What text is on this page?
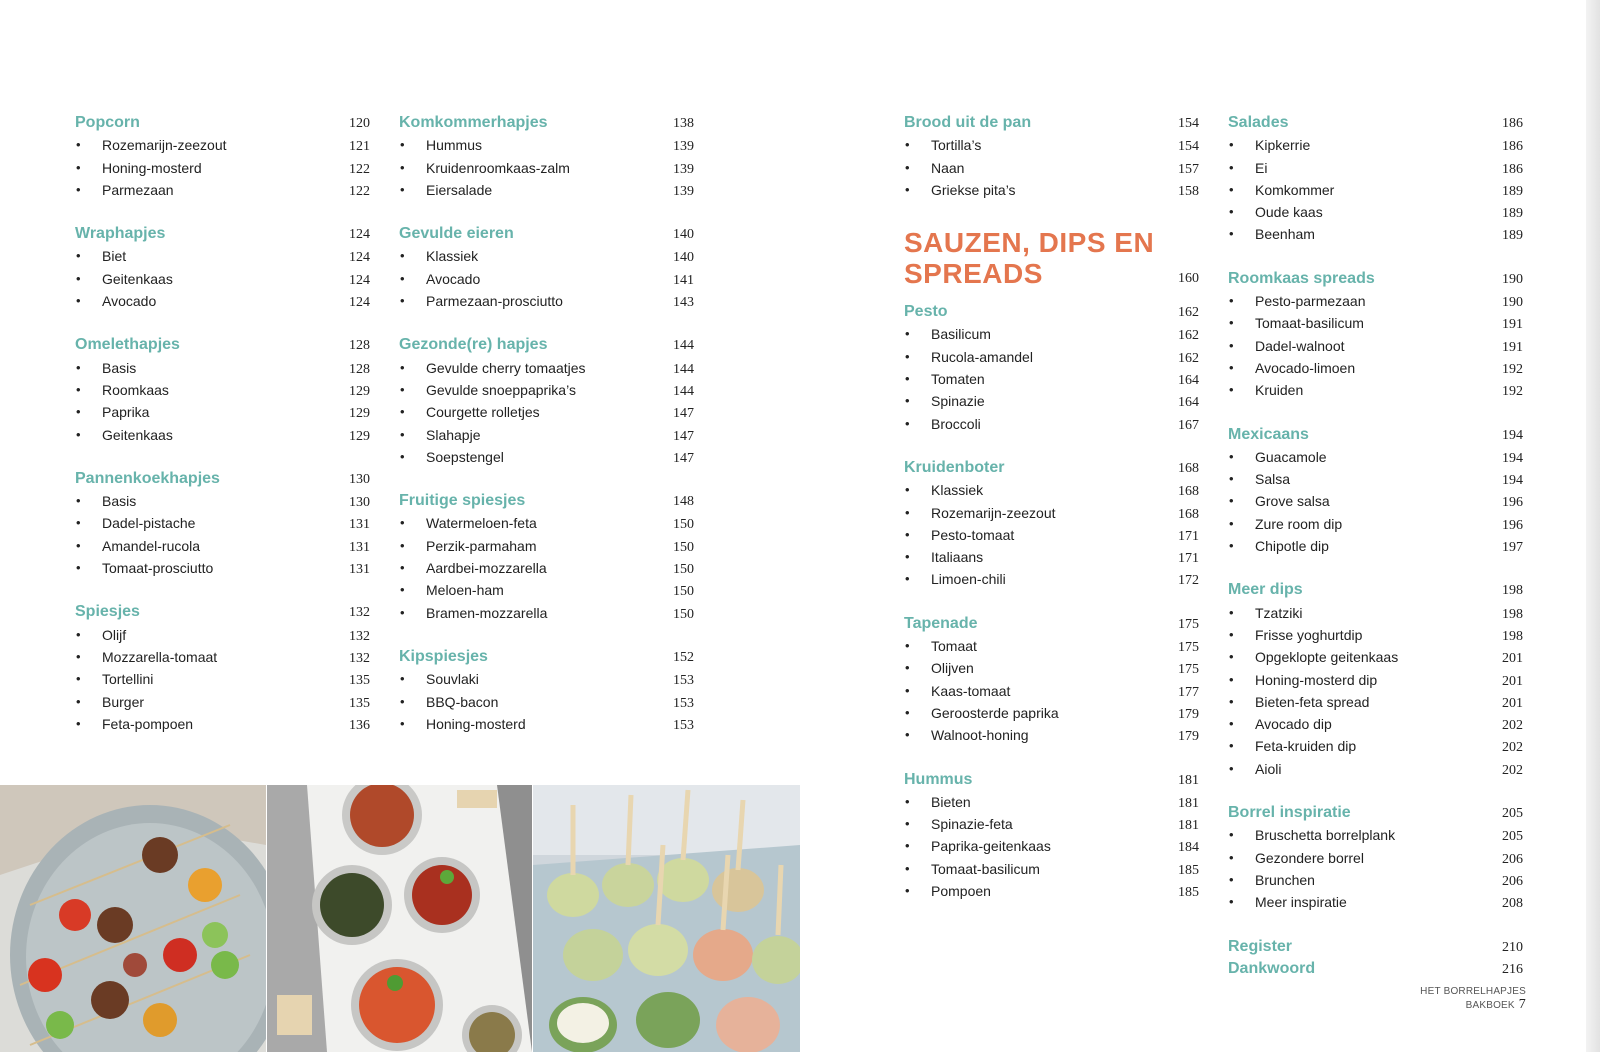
Popcorn	120
• Rozemarijn-zeezout	121
• Honing-mosterd	122
• Parmezaan	122
Wraphapjes	124
• Biet	124
• Geitenkaas	124
• Avocado	124
Omelethapjes	128
• Basis	128
• Roomkaas	129
• Paprika	129
• Geitenkaas	129
Pannenkoekhapjes	130
• Basis	130
• Dadel-pistache	131
• Amandel-rucola	131
• Tomaat-prosciutto	131
Spiesjes	132
• Olijf	132
• Mozzarella-tomaat	132
• Tortellini	135
• Burger	135
• Feta-pompoen	136
Komkommerhapjes	138
• Hummus	139
• Kruidenroomkaas-zalm	139
• Eiersalade	139
Gevulde eieren	140
• Klassiek	140
• Avocado	141
• Parmezaan-prosciutto	143
Gezonde(re) hapjes	144
• Gevulde cherry tomaatjes	144
• Gevulde snoeppaprika’s	144
• Courgette rolletjes	147
• Slahapje	147
• Soepstengel	147
Fruitige spiesjes	148
• Watermeloen-feta	150
• Perzik-parmaham	150
• Aardbei-mozzarella	150
• Meloen-ham	150
• Bramen-mozzarella	150
Kipspiesjes	152
• Souvlaki	153
• BBQ-bacon	153
• Honing-mosterd	153
Brood uit de pan	154
• Tortilla’s	154
• Naan	157
• Griekse pita’s	158
SAUZEN, DIPS EN
SPREADS	160
Pesto	162
• Basilicum	162
• Rucola-amandel	162
• Tomaten	164
• Spinazie	164
• Broccoli	167
Kruidenboter	168
• Klassiek	168
• Rozemarijn-zeezout	168
• Pesto-tomaat	171
• Italiaans	171
• Limoen-chili	172
Tapenade	175
• Tomaat	175
• Olijven	175
• Kaas-tomaat	177
• Geroosterde paprika	179
• Walnoot-honing	179
Hummus	181
• Bieten	181
• Spinazie-feta	181
• Paprika-geitenkaas	184
• Tomaat-basilicum	185
• Pompoen	185
Salades	186
• Kipkerrie	186
• Ei	186
• Komkommer	189
• Oude kaas	189
• Beenham	189
Roomkaas spreads	190
• Pesto-parmezaan	190
• Tomaat-basilicum	191
• Dadel-walnoot	191
• Avocado-limoen	192
• Kruiden	192
Mexicaans	194
• Guacamole	194
• Salsa	194
• Grove salsa	196
• Zure room dip	196
• Chipotle dip	197
Meer dips	198
• Tzatziki	198
• Frisse yoghurtdip	198
• Opgeklopte geitenkaas	201
• Honing-mosterd dip	201
• Bieten-feta spread	201
• Avocado dip	202
• Feta-kruiden dip	202
• Aioli	202
Borrel inspiratie	205
• Bruschetta borrelplank	205
• Gezondere borrel	206
• Brunchen	206
• Meer inspiratie	208
Register	210
Dankwoord	216
HET BORRELHAPJES BAKBOEK 7
